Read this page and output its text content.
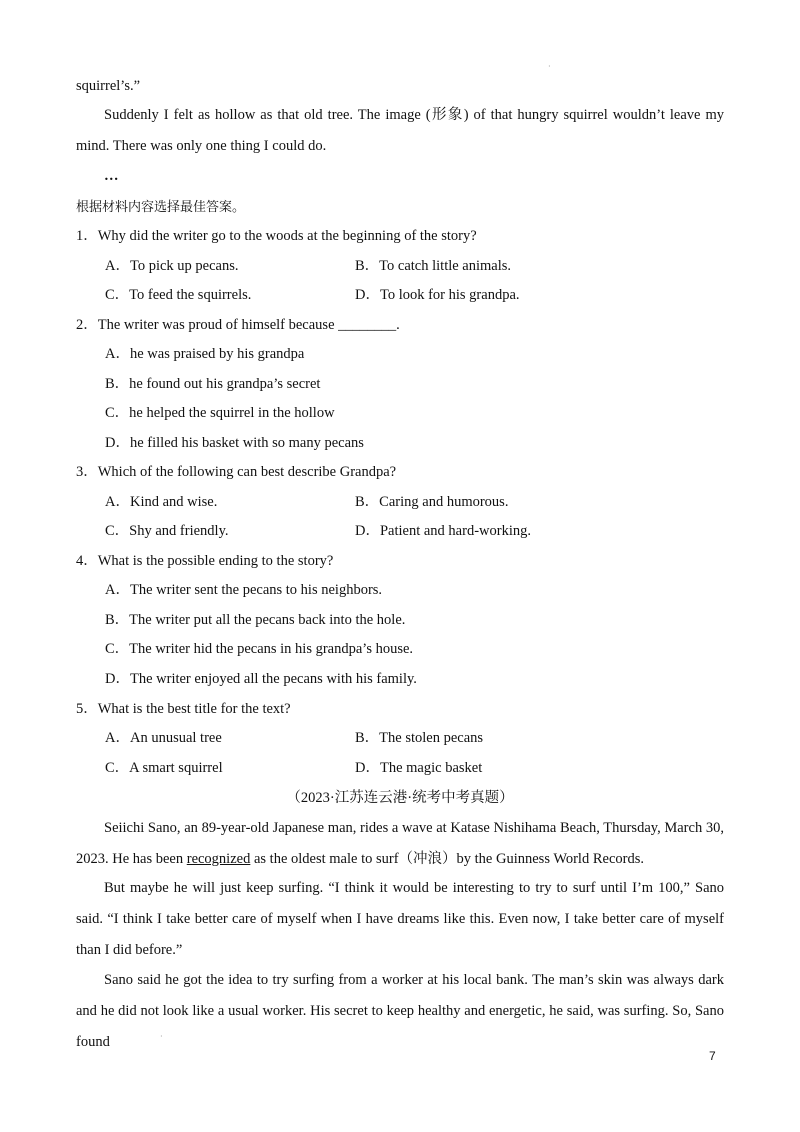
·
squirrel’s.”
Suddenly I felt as hollow as that old tree. The image (形象) of that hungry squirrel wouldn’t leave my mind. There was only one thing I could do.
…
根据材料内容选择最佳答案。
1．Why did the writer go to the woods at the beginning of the story?
A．To pick up pecans.	B．To catch little animals.
C．To feed the squirrels.	D．To look for his grandpa.
2．The writer was proud of himself because ________.
A．he was praised by his grandpa
B．he found out his grandpa’s secret
C．he helped the squirrel in the hollow
D．he filled his basket with so many pecans
3．Which of the following can best describe Grandpa?
A．Kind and wise.	B．Caring and humorous.
C．Shy and friendly.	D．Patient and hard-working.
4．What is the possible ending to the story?
A．The writer sent the pecans to his neighbors.
B．The writer put all the pecans back into the hole.
C．The writer hid the pecans in his grandpa’s house.
D．The writer enjoyed all the pecans with his family.
5．What is the best title for the text?
A．An unusual tree	B．The stolen pecans
C．A smart squirrel	D．The magic basket
（2023·江苏连云港·统考中考真题）
Seiichi Sano, an 89-year-old Japanese man, rides a wave at Katase Nishihama Beach, Thursday, March 30, 2023. He has been recognized as the oldest male to surf（冲浪）by the Guinness World Records.
But maybe he will just keep surfing. “I think it would be interesting to try to surf until I’m 100,” Sano said. “I think I take better care of myself when I have dreams like this. Even now, I take better care of myself than I did before.”
Sano said he got the idea to try surfing from a worker at his local bank. The man’s skin was always dark and he did not look like a usual worker. His secret to keep healthy and energetic, he said, was surfing. So, Sano found	·
7
